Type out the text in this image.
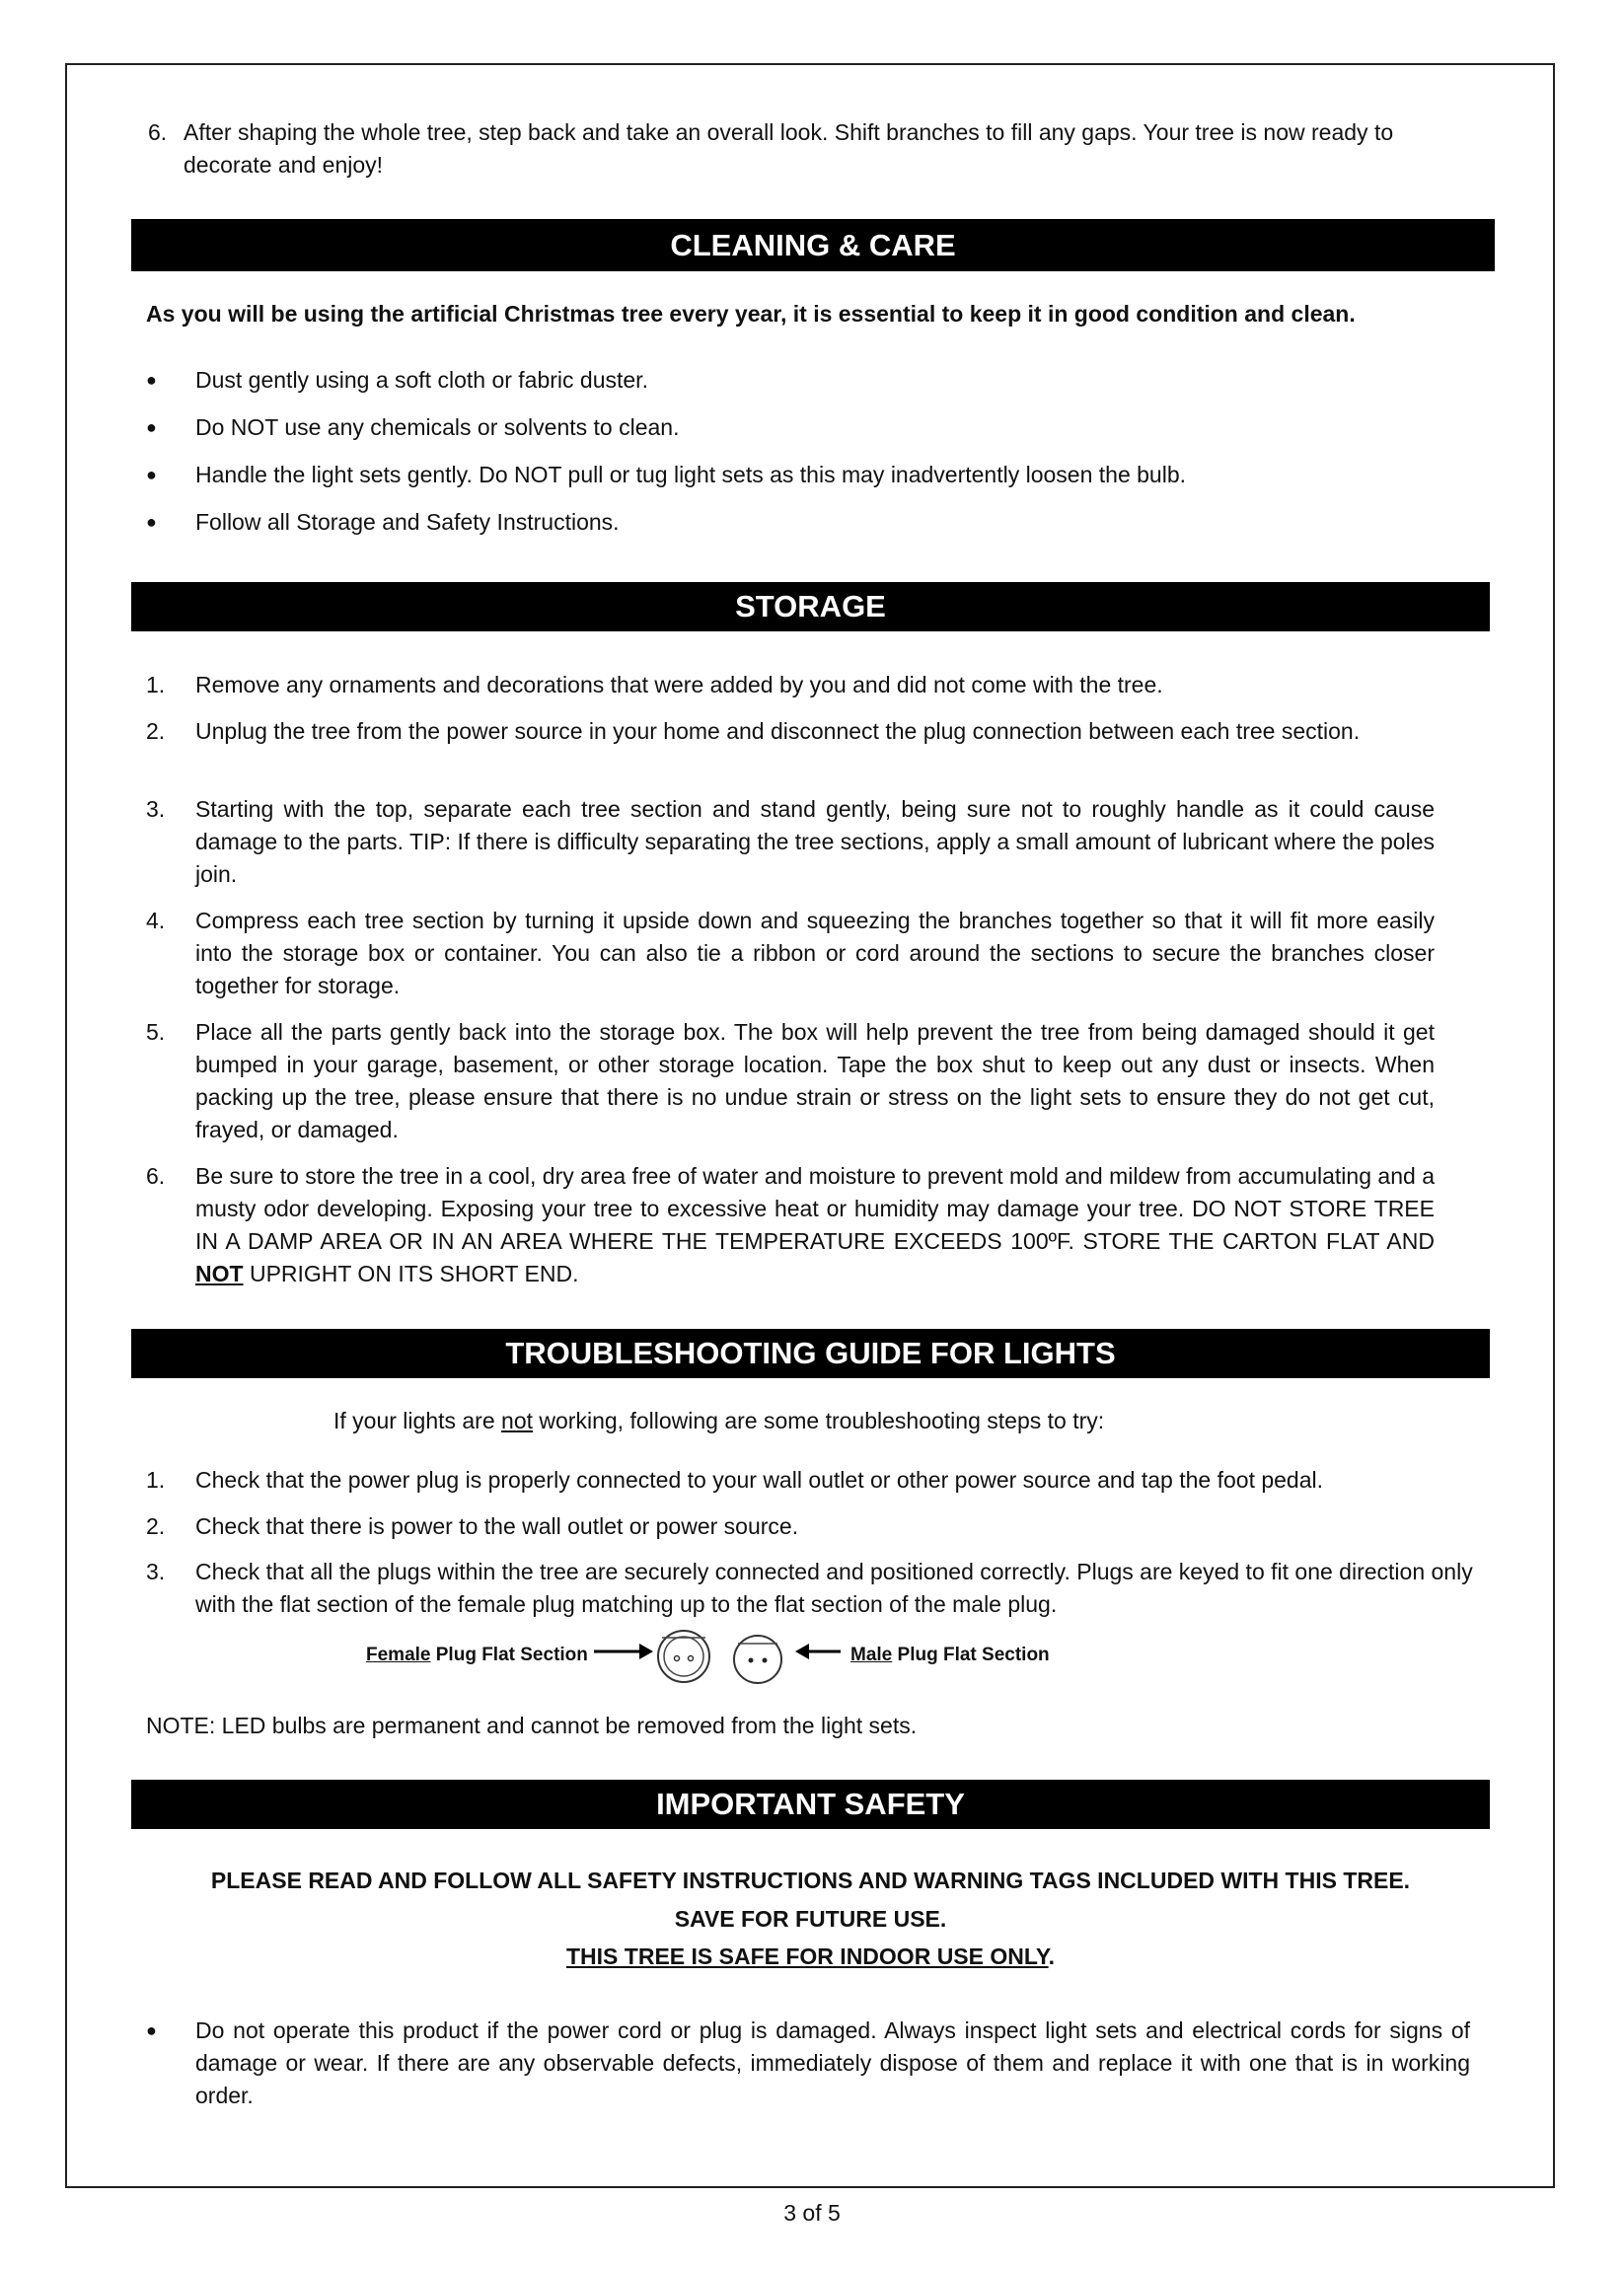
6. After shaping the whole tree, step back and take an overall look. Shift branches to fill any gaps. Your tree is now ready to decorate and enjoy!
CLEANING & CARE
As you will be using the artificial Christmas tree every year, it is essential to keep it in good condition and clean.
● Dust gently using a soft cloth or fabric duster.
● Do NOT use any chemicals or solvents to clean.
● Handle the light sets gently. Do NOT pull or tug light sets as this may inadvertently loosen the bulb.
● Follow all Storage and Safety Instructions.
STORAGE
1. Remove any ornaments and decorations that were added by you and did not come with the tree.
2. Unplug the tree from the power source in your home and disconnect the plug connection between each tree section.
3. Starting with the top, separate each tree section and stand gently, being sure not to roughly handle as it could cause damage to the parts. TIP: If there is difficulty separating the tree sections, apply a small amount of lubricant where the poles join.
4. Compress each tree section by turning it upside down and squeezing the branches together so that it will fit more easily into the storage box or container. You can also tie a ribbon or cord around the sections to secure the branches closer together for storage.
5. Place all the parts gently back into the storage box. The box will help prevent the tree from being damaged should it get bumped in your garage, basement, or other storage location. Tape the box shut to keep out any dust or insects. When packing up the tree, please ensure that there is no undue strain or stress on the light sets to ensure they do not get cut, frayed, or damaged.
6. Be sure to store the tree in a cool, dry area free of water and moisture to prevent mold and mildew from accumulating and a musty odor developing. Exposing your tree to excessive heat or humidity may damage your tree. DO NOT STORE TREE IN A DAMP AREA OR IN AN AREA WHERE THE TEMPERATURE EXCEEDS 100ºF. STORE THE CARTON FLAT AND NOT UPRIGHT ON ITS SHORT END.
TROUBLESHOOTING GUIDE FOR LIGHTS
If your lights are not working, following are some troubleshooting steps to try:
1. Check that the power plug is properly connected to your wall outlet or other power source and tap the foot pedal.
2. Check that there is power to the wall outlet or power source.
3. Check that all the plugs within the tree are securely connected and positioned correctly. Plugs are keyed to fit one direction only with the flat section of the female plug matching up to the flat section of the male plug.
Female Plug Flat Section	Male Plug Flat Section
NOTE: LED bulbs are permanent and cannot be removed from the light sets.
IMPORTANT SAFETY
PLEASE READ AND FOLLOW ALL SAFETY INSTRUCTIONS AND WARNING TAGS INCLUDED WITH THIS TREE.
SAVE FOR FUTURE USE.
THIS TREE IS SAFE FOR INDOOR USE ONLY.
● Do not operate this product if the power cord or plug is damaged. Always inspect light sets and electrical cords for signs of damage or wear. If there are any observable defects, immediately dispose of them and replace it with one that is in working order.
3 of 5
